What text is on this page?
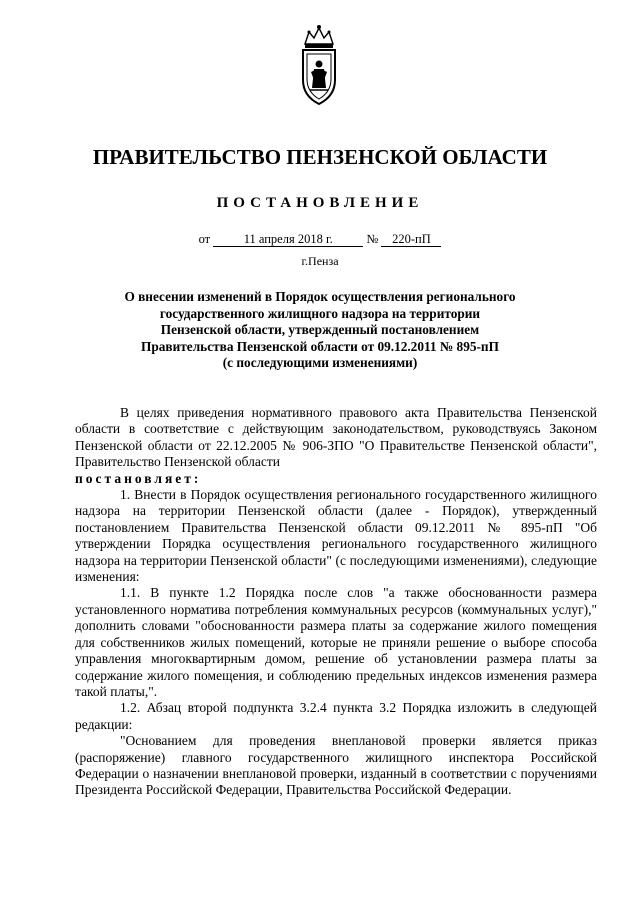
ПРАВИТЕЛЬСТВО ПЕНЗЕНСКОЙ ОБЛАСТИ
ПОСТАНОВЛЕНИЕ
от	11 апреля 2018 г.	№ 220-пП
г.Пенза
О внесении изменений в Порядок осуществления регионального
государственного жилищного надзора на территории
Пензенской области, утвержденный постановлением
Правительства Пензенской области от 09.12.2011 № 895-пП
(с последующими изменениями)

В целях приведения нормативного правового акта Правительства Пензенской области в соответствие с действующим законодательством, руководствуясь Законом Пензенской области от 22.12.2005 № 906-ЗПО "О Правительстве Пензенской области", Правительство Пензенской области

постановляет:

1. Внести в Порядок осуществления регионального государственного жилищного надзора на территории Пензенской области (далее - Порядок), утвержденный постановлением Правительства Пензенской области 09.12.2011 № 895-пП "Об утверждении Порядка осуществления регионального государственного жилищного надзора на территории Пензенской области" (с последующими изменениями), следующие изменения:

1.1. В пункте 1.2 Порядка после слов "а также обоснованности размера установленного норматива потребления коммунальных ресурсов (коммунальных услуг)," дополнить словами "обоснованности размера платы за содержание жилого помещения для собственников жилых помещений, которые не приняли решение о выборе способа управления многоквартирным домом, решение об установлении размера платы за содержание жилого помещения, и соблюдению предельных индексов изменения размера такой платы,".

1.2. Абзац второй подпункта 3.2.4 пункта 3.2 Порядка изложить в следующей редакции:

"Основанием для проведения внеплановой проверки является приказ (распоряжение) главного государственного жилищного инспектора Российской Федерации о назначении внеплановой проверки, изданный в соответствии с поручениями Президента Российской Федерации, Правительства Российской Федерации.
